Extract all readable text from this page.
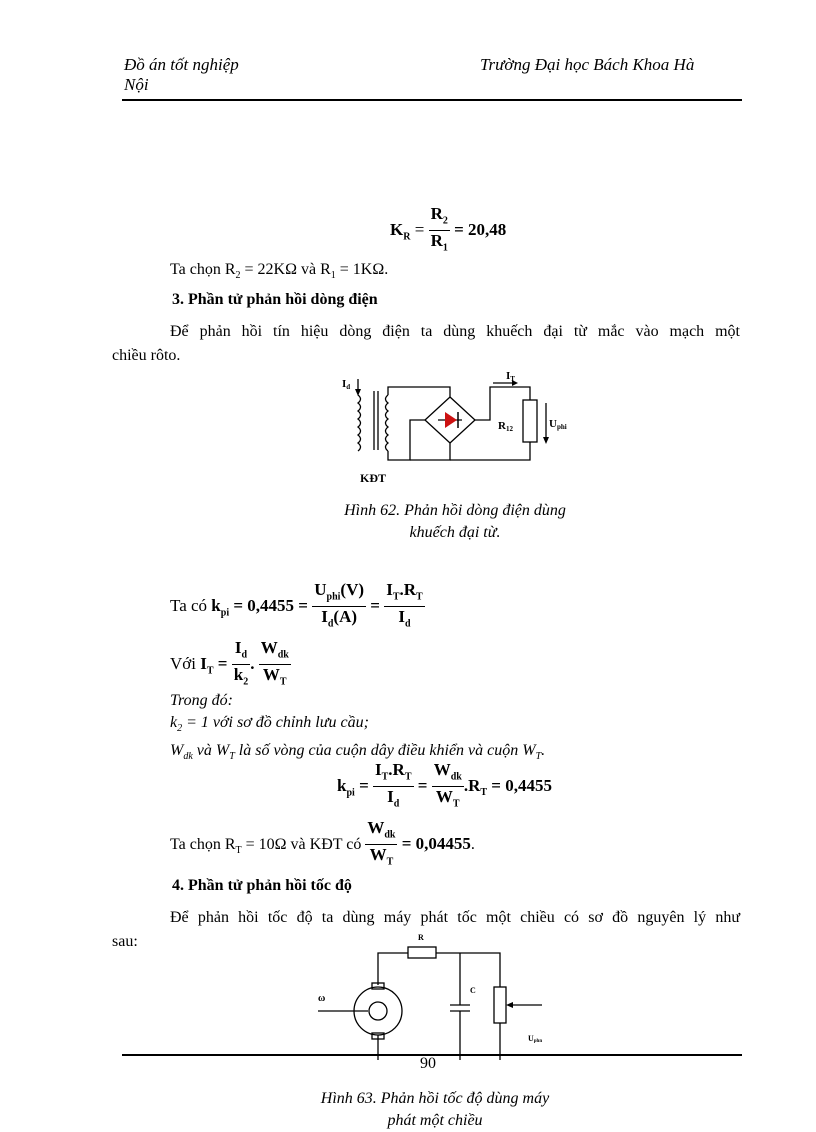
Đồ án tốt nghiệp
Nội
Trường Đại học Bách Khoa Hà
$K_R = \frac{R_2}{R_1} = 20,48$
Ta chọn $R_2 = 22K\Omega$ và $R_1 = 1K\Omega$.
3. Phần tử phản hồi dòng điện
Để phản hồi tín hiệu dòng điện ta dùng khuếch đại từ mắc vào mạch một
chiều rôto.
Id
IT
R12	Uphi
KĐT
Hình 62. Phản hồi dòng điện dùng
khuếch đại từ.
Ta có $k_{pi} = 0,4455 = \frac{U_{phi}(V)}{I_d(A)} = \frac{I_T.R_T}{I_d}$
Với $I_T = \frac{I_d}{k_2}$ . $\frac{W_{dk}}{W_T}$
Trong đó:
$k_2 = 1$ với sơ đồ chỉnh lưu cầu;
$W_{dk}$ và $W_T$ là số vòng của cuộn dây điều khiển và cuộn $W_T$.
$k_{pi} = \frac{I_T.R_T}{I_d} = \frac{W_{dk}}{W_T} .R_T = 0,4455$
Ta chọn $R_T = 10\Omega$ và KĐT có $\frac{W_{dk}}{W_T} = 0,04455$.
4. Phần tử phản hồi tốc độ
Để phản hồi tốc độ ta dùng máy phát tốc một chiều có sơ đồ nguyên lý như
sau:
ω
R
C
Uphn
90
Hình 63. Phản hồi tốc độ dùng máy
phát một chiều
